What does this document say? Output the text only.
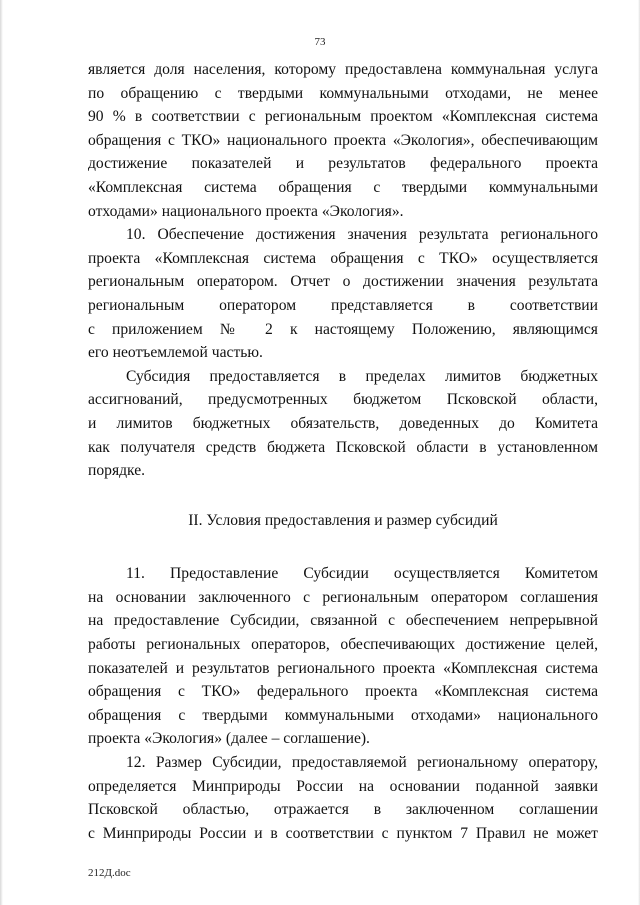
73

является доля населения, которому предоставлена коммунальная услуга
по обращению с твердыми коммунальными отходами, не менее
90 % в соответствии с региональным проектом «Комплексная система
обращения с ТКО» национального проекта «Экология», обеспечивающим
достижение показателей и результатов федерального проекта
«Комплексная система обращения с твердыми коммунальными
отходами» национального проекта «Экология».

10. Обеспечение достижения значения результата регионального
проекта «Комплексная система обращения с ТКО» осуществляется
региональным оператором. Отчет о достижении значения результата
региональным оператором представляется в соответствии
с приложением № 2 к настоящему Положению, являющимся
его неотъемлемой частью.

Субсидия предоставляется в пределах лимитов бюджетных
ассигнований, предусмотренных бюджетом Псковской области,
и лимитов бюджетных обязательств, доведенных до Комитета
как получателя средств бюджета Псковской области в установленном
порядке.

II. Условия предоставления и размер субсидий

11. Предоставление Субсидии осуществляется Комитетом
на основании заключенного с региональным оператором соглашения
на предоставление Субсидии, связанной с обеспечением непрерывной
работы региональных операторов, обеспечивающих достижение целей,
показателей и результатов регионального проекта «Комплексная система
обращения с ТКО» федерального проекта «Комплексная система
обращения с твердыми коммунальными отходами» национального
проекта «Экология» (далее – соглашение).

12. Размер Субсидии, предоставляемой региональному оператору,
определяется Минприроды России на основании поданной заявки
Псковской областью, отражается в заключенном соглашении
с Минприроды России и в соответствии с пунктом 7 Правил не может

212Д.doc
